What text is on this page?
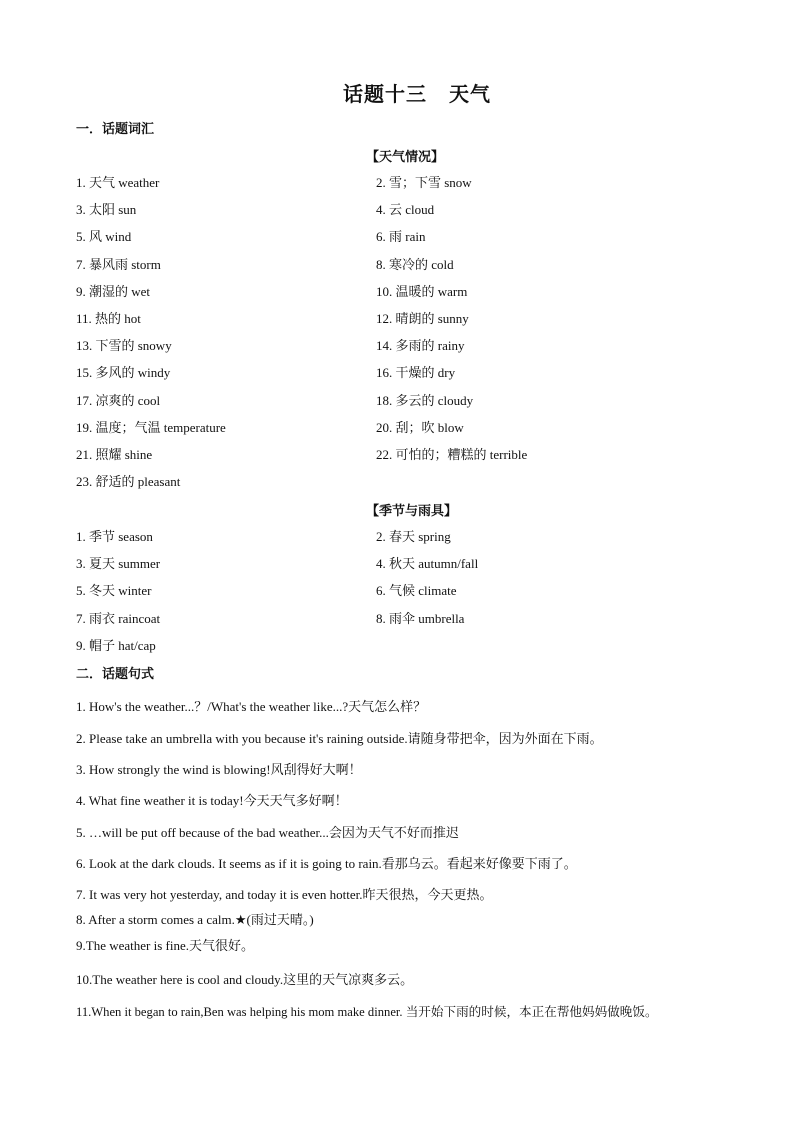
话题十三 天气
一．话题词汇
【天气情况】
1. 天气 weather	2. 雪；下雪 snow
3. 太阳 sun	4. 云 cloud
5. 风 wind	6. 雨 rain
7. 暴风雨 storm	8. 寒冷的 cold
9. 潮湿的 wet	10. 温暖的 warm
11. 热的 hot	12. 晴朗的 sunny
13. 下雪的 snowy	14. 多雨的 rainy
15. 多风的 windy	16. 干燥的 dry
17. 凉爽的 cool	18. 多云的 cloudy
19. 温度；气温 temperature	20. 刮；吹 blow
21. 照耀 shine	22. 可怕的；糟糕的 terrible
23. 舒适的 pleasant
【季节与雨具】
1. 季节 season	2. 春天 spring
3. 夏天 summer	4. 秋天 autumn/fall
5. 冬天 winter	6. 气候 climate
7. 雨衣 raincoat	8. 雨伞 umbrella
9. 帽子 hat/cap
二．话题句式
1. How's the weather...？/What's the weather like...?天气怎么样？
2. Please take an umbrella with you because it's raining outside.请随身带把伞，因为外面在下雨。
3. How strongly the wind is blowing!风刮得好大啊！
4. What fine weather it is today!今天天气多好啊！
5. …will be put off because of the bad weather...会因为天气不好而推迟
6. Look at the dark clouds. It seems as if it is going to rain.看那乌云。看起来好像要下雨了。
7. It was very hot yesterday, and today it is even hotter.昨天很热，今天更热。
8. After a storm comes a calm.★(雨过天晴。)
9.The weather is fine.天气很好。
10.The weather here is cool and cloudy.这里的天气凉爽多云。
11.When it began to rain,Ben was helping his mom make dinner. 当开始下雨的时候，本正在帮他妈妈做晚饭。
